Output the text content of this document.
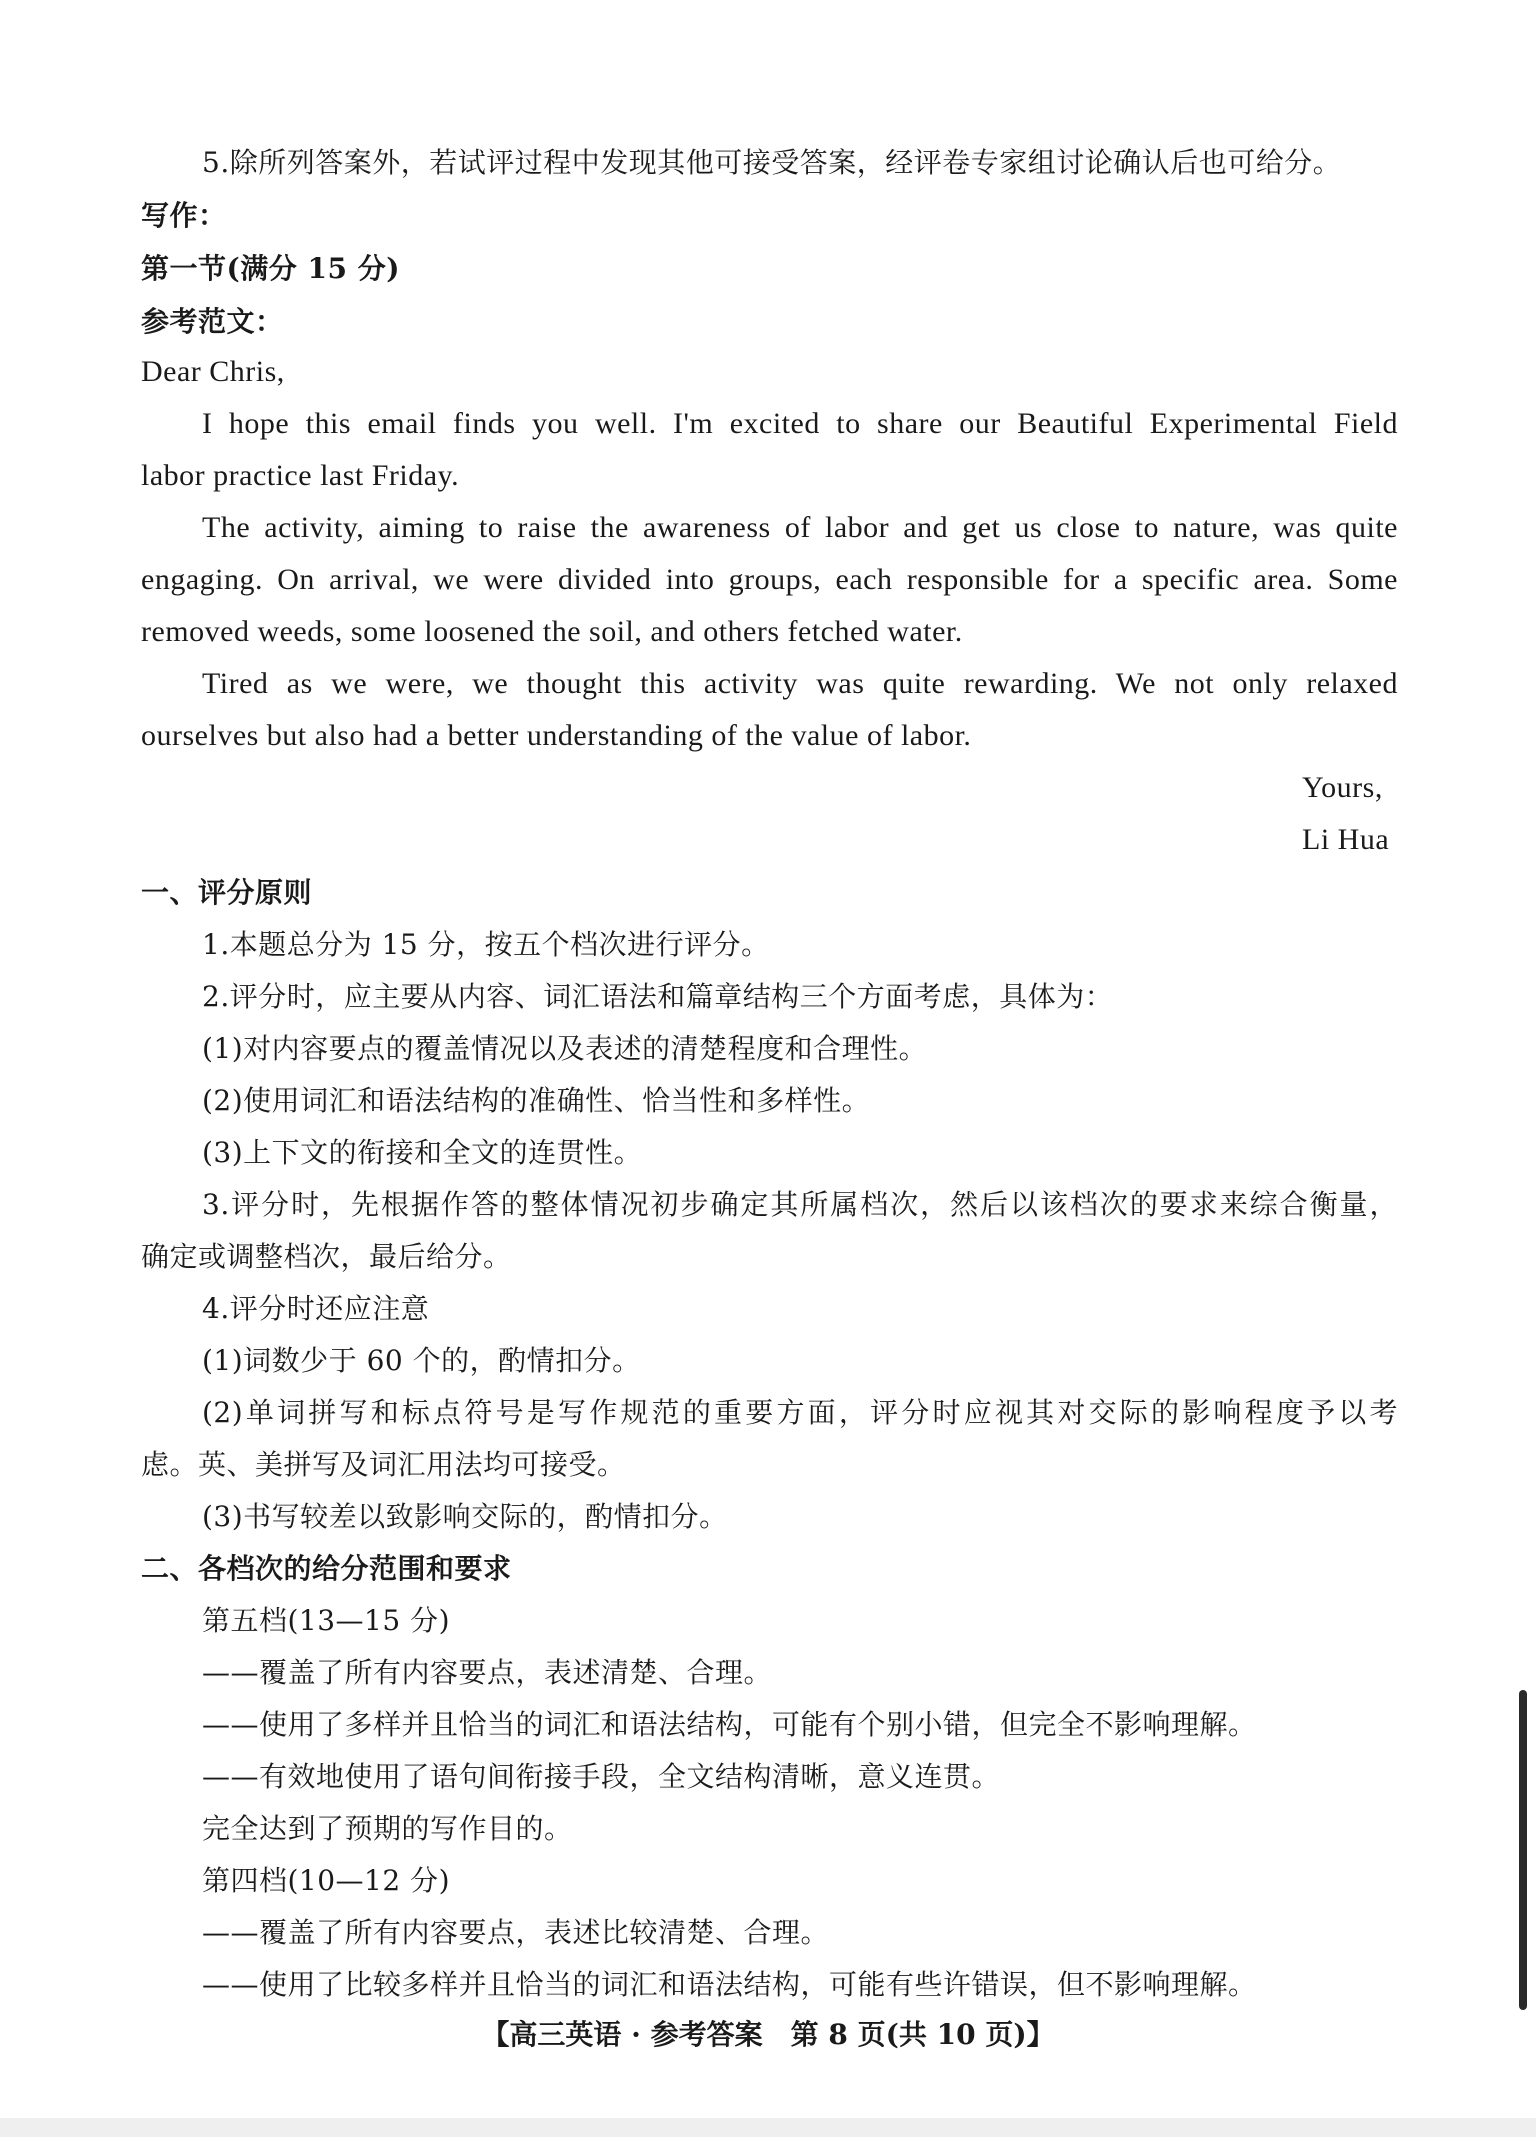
5.除所列答案外，若试评过程中发现其他可接受答案，经评卷专家组讨论确认后也可给分。
写作：
第一节(满分 15 分)
参考范文：
Dear Chris,
I hope this email finds you well. I'm excited to share our Beautiful Experimental Field
labor practice last Friday.
The activity, aiming to raise the awareness of labor and get us close to nature, was quite
engaging. On arrival, we were divided into groups, each responsible for a specific area. Some
removed weeds, some loosened the soil, and others fetched water.
Tired as we were, we thought this activity was quite rewarding. We not only relaxed
ourselves but also had a better understanding of the value of labor.
Yours,
Li Hua
一、评分原则
1.本题总分为 15 分，按五个档次进行评分。
2.评分时，应主要从内容、词汇语法和篇章结构三个方面考虑，具体为：
(1)对内容要点的覆盖情况以及表述的清楚程度和合理性。
(2)使用词汇和语法结构的准确性、恰当性和多样性。
(3)上下文的衔接和全文的连贯性。
3.评分时，先根据作答的整体情况初步确定其所属档次，然后以该档次的要求来综合衡量，
确定或调整档次，最后给分。
4.评分时还应注意
(1)词数少于 60 个的，酌情扣分。
(2)单词拼写和标点符号是写作规范的重要方面，评分时应视其对交际的影响程度予以考
虑。英、美拼写及词汇用法均可接受。
(3)书写较差以致影响交际的，酌情扣分。
二、各档次的给分范围和要求
第五档(13—15 分)
——覆盖了所有内容要点，表述清楚、合理。
——使用了多样并且恰当的词汇和语法结构，可能有个别小错，但完全不影响理解。
——有效地使用了语句间衔接手段，全文结构清晰，意义连贯。
完全达到了预期的写作目的。
第四档(10—12 分)
——覆盖了所有内容要点，表述比较清楚、合理。
——使用了比较多样并且恰当的词汇和语法结构，可能有些许错误，但不影响理解。
【高三英语 · 参考答案　第 8 页(共 10 页)】
